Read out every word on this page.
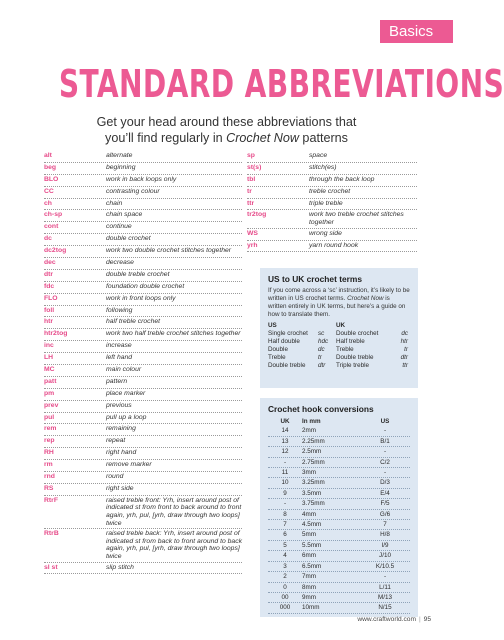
Basics
STANDARD ABBREVIATIONS
Get your head around these abbreviations that
you’ll find regularly in Crochet Now patterns
alt	alternate
beg	beginning
BLO	work in back loops only
CC	contrasting colour
ch	chain
ch-sp	chain space
cont	continue
dc	double crochet
dc2tog	work two double crochet stitches together
dec	decrease
dtr	double treble crochet
fdc	foundation double crochet
FLO	work in front loops only
foll	following
htr	half treble crochet
htr2tog	work two half treble crochet stitches together
inc	increase
LH	left hand
MC	main colour
patt	pattern
pm	place marker
prev	previous
pul	pull up a loop
rem	remaining
rep	repeat
RH	right hand
rm	remove marker
rnd	round
RS	right side
RtrF	raised treble front: Yrh, insert around post of indicated st from front to back around to front again, yrh, pul, [yrh, draw through two loops] twice
RtrB	raised treble back: Yrh, insert around post of indicated st from back to front around to back again, yrh, pul, [yrh, draw through two loops] twice
sl st	slip stitch
sp	space
st(s)	stitch(es)
tbl	through the back loop
tr	treble crochet
ttr	triple treble
tr2tog	work two treble crochet stitches together
WS	wrong side
yrh	yarn round hook
US to UK crochet terms

If you come across a ‘sc’ instruction, it’s likely to be written in US crochet terms. Crochet Now is written entirely in UK terms, but here’s a guide on how to translate them.

US	UK
Single crochet	sc	Double crochet	dc
Half double	hdc	Half treble	htr
Double	dc	Treble	tr
Treble	tr	Double treble	dtr
Double treble	dtr	Triple treble	ttr
Crochet hook conversions
UK	In mm	US
14	2mm	-
13	2.25mm	B/1
12	2.5mm	-
-	2.75mm	C/2
11	3mm	-
10	3.25mm	D/3
9	3.5mm	E/4
-	3.75mm	F/5
8	4mm	G/6
7	4.5mm	7
6	5mm	H/8
5	5.5mm	I/9
4	6mm	J/10
3	6.5mm	K/10.5
2	7mm	-
0	8mm	L/11
00	9mm	M/13
000	10mm	N/15
www.craftworld.com | 95
